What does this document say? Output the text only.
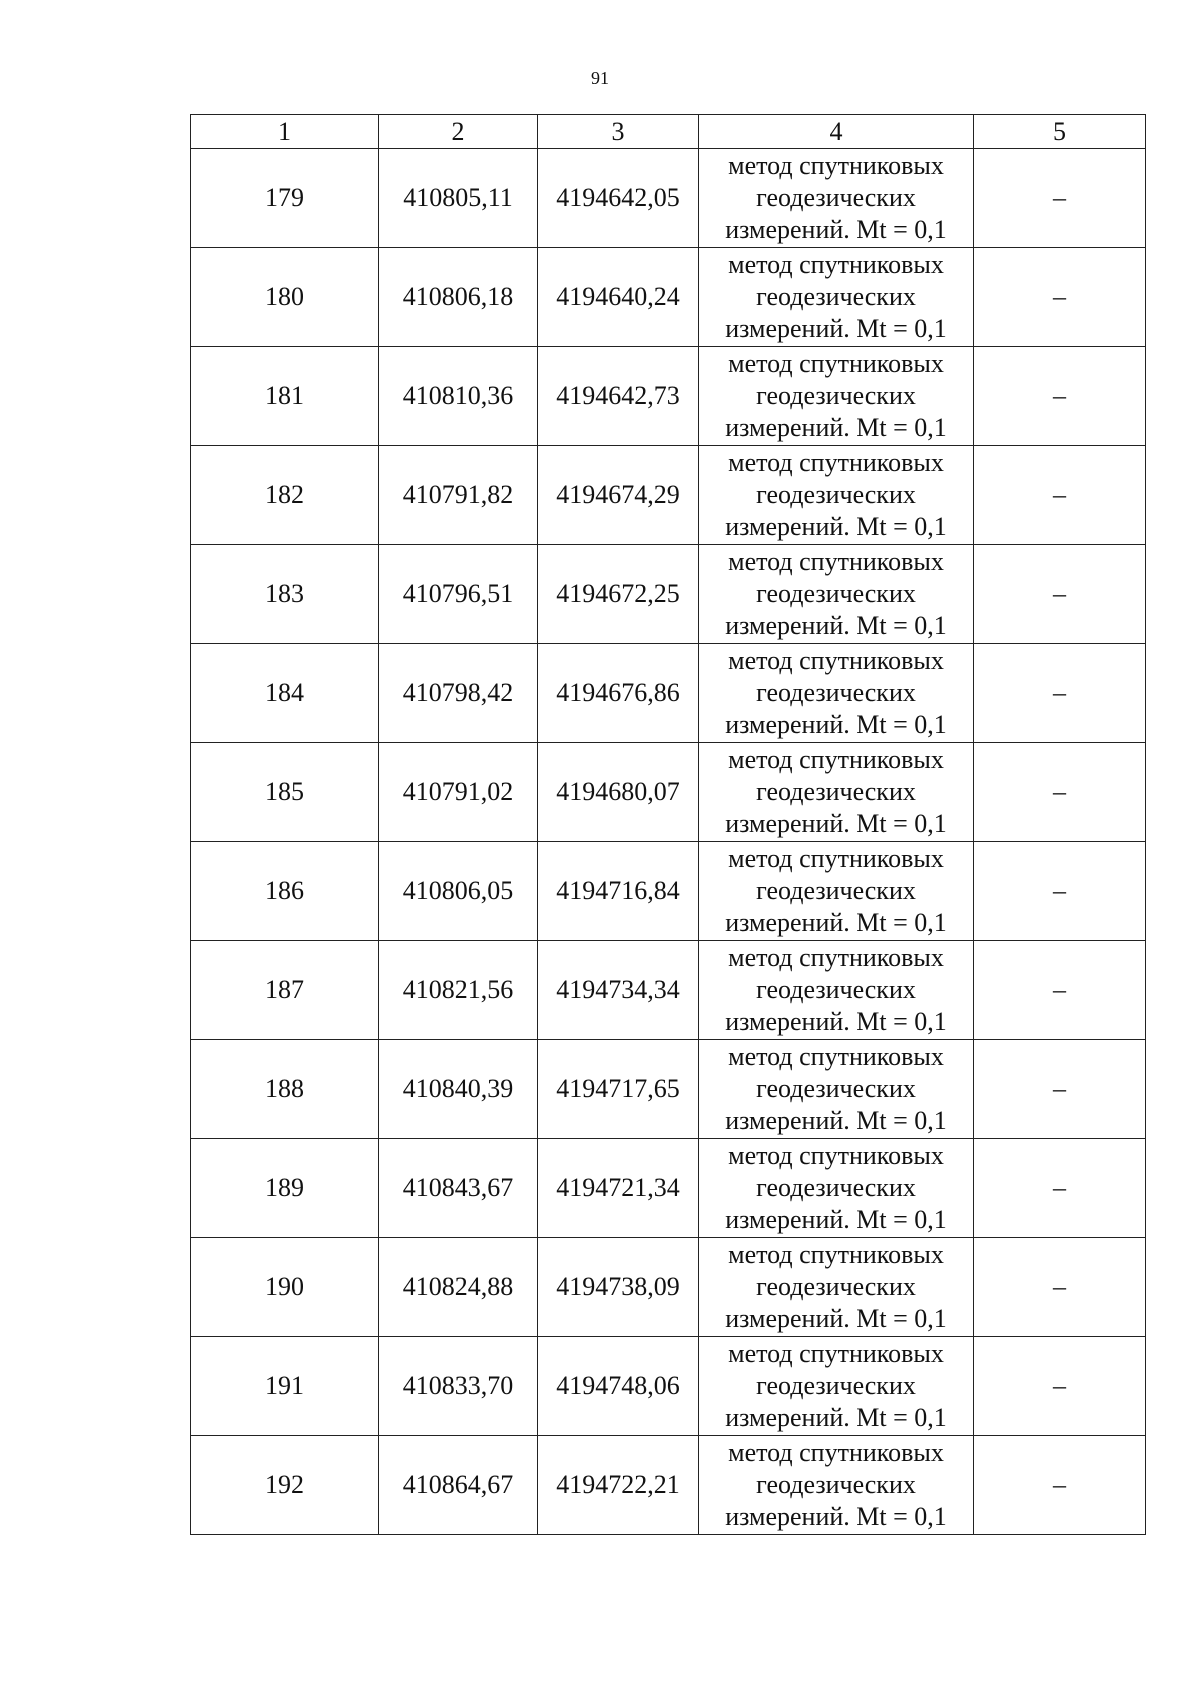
91
1	2	3	4	5
179	410805,11	4194642,05	метод спутниковых
геодезических
измерений. Mt = 0,1	–
180	410806,18	4194640,24	метод спутниковых
геодезических
измерений. Mt = 0,1	–
181	410810,36	4194642,73	метод спутниковых
геодезических
измерений. Mt = 0,1	–
182	410791,82	4194674,29	метод спутниковых
геодезических
измерений. Mt = 0,1	–
183	410796,51	4194672,25	метод спутниковых
геодезических
измерений. Mt = 0,1	–
184	410798,42	4194676,86	метод спутниковых
геодезических
измерений. Mt = 0,1	–
185	410791,02	4194680,07	метод спутниковых
геодезических
измерений. Mt = 0,1	–
186	410806,05	4194716,84	метод спутниковых
геодезических
измерений. Mt = 0,1	–
187	410821,56	4194734,34	метод спутниковых
геодезических
измерений. Mt = 0,1	–
188	410840,39	4194717,65	метод спутниковых
геодезических
измерений. Mt = 0,1	–
189	410843,67	4194721,34	метод спутниковых
геодезических
измерений. Mt = 0,1	–
190	410824,88	4194738,09	метод спутниковых
геодезических
измерений. Mt = 0,1	–
191	410833,70	4194748,06	метод спутниковых
геодезических
измерений. Mt = 0,1	–
192	410864,67	4194722,21	метод спутниковых
геодезических
измерений. Mt = 0,1	–
